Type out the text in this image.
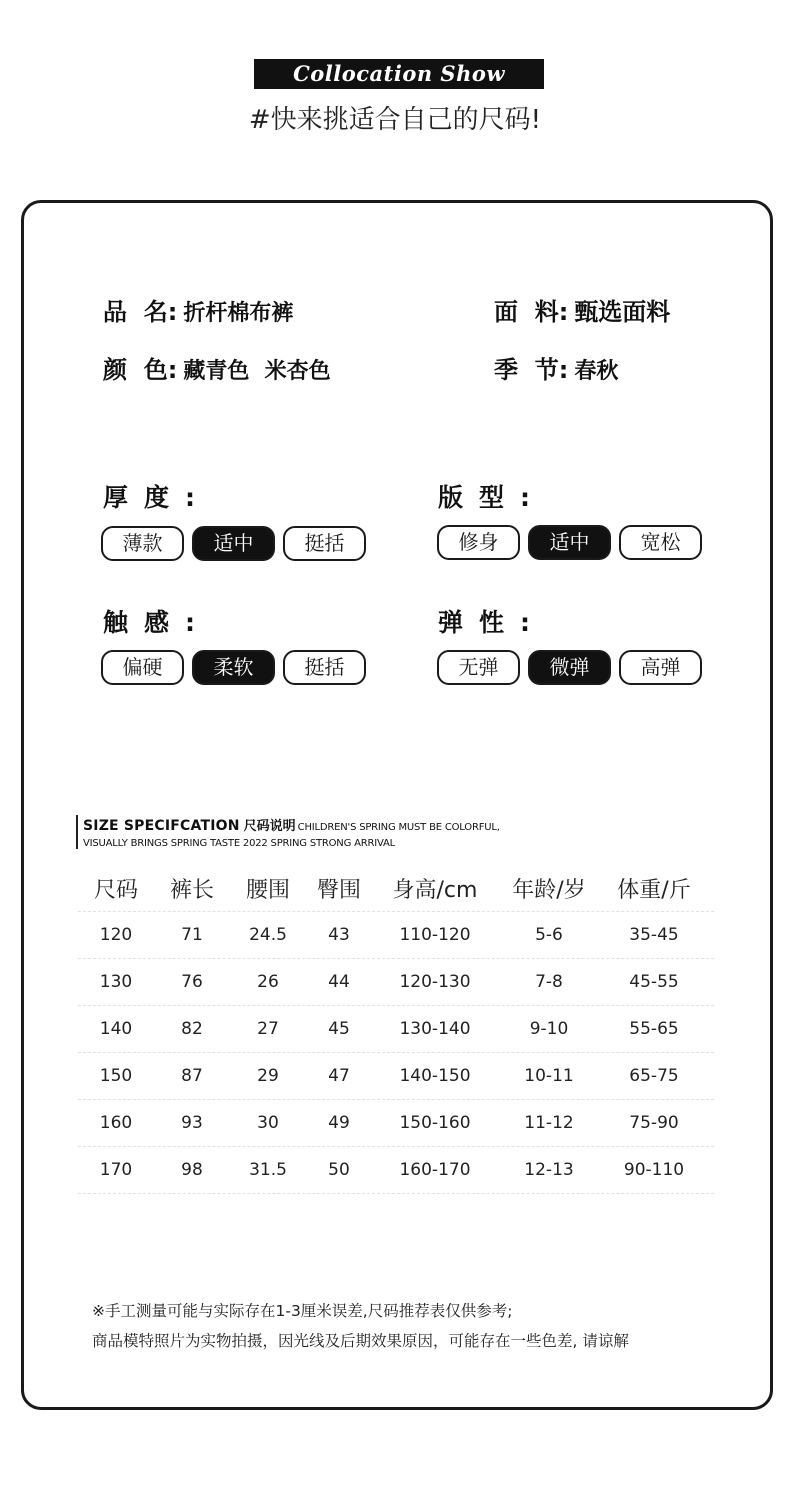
Collocation Show
#快来挑适合自己的尺码!
品  名: 折杆棉布裤	面  料: 甄选面料
颜  色: 藏青色  米杏色	季  节: 春秋
厚度:
薄款	适中	挺括
版型:
修身	适中	宽松
触感:
偏硬	柔软	挺括
弹性:
无弹	微弹	高弹
SIZE SPECIFCATION 尺码说明 CHILDREN'S SPRING MUST BE COLORFUL,
VISUALLY BRINGS SPRING TASTE 2022 SPRING STRONG ARRIVAL
尺码	裤长	腰围	臀围	身高/cm	年龄/岁	体重/斤
120	71	24.5	43	110-120	5-6	35-45
130	76	26	44	120-130	7-8	45-55
140	82	27	45	130-140	9-10	55-65
150	87	29	47	140-150	10-11	65-75
160	93	30	49	150-160	11-12	75-90
170	98	31.5	50	160-170	12-13	90-110
※手工测量可能与实际存在1-3厘米误差,尺码推荐表仅供参考;
商品模特照片为实物拍摄，因光线及后期效果原因，可能存在一些色差, 请谅解
